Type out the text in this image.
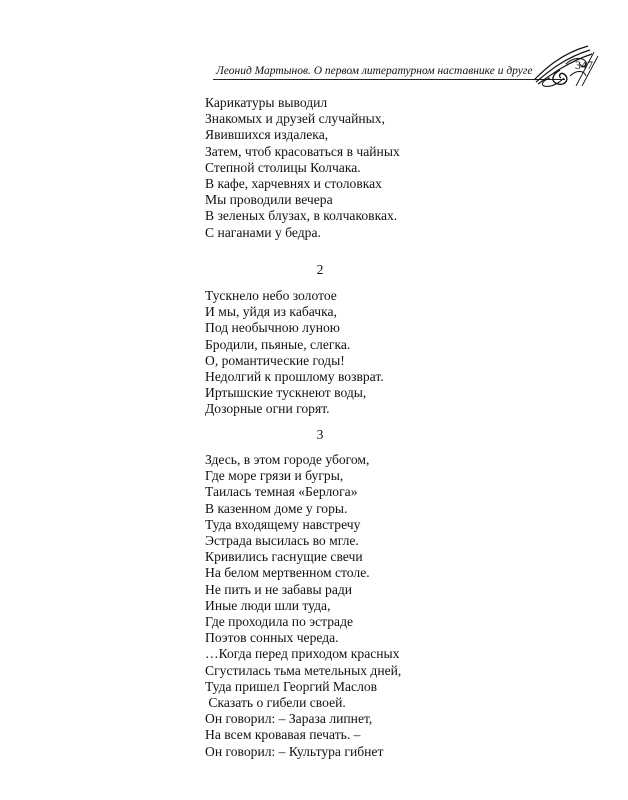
Леонид Мартынов. О первом литературном наставнике и друге	347
Карикатуры выводил
Знакомых и друзей случайных,
Явившихся издалека,
Затем, чтоб красоваться в чайных
Степной столицы Колчака.
В кафе, харчевнях и столовках
Мы проводили вечера
В зеленых блузах, в колчаковках.
С наганами у бедра.
2
Тускнело небо золотое
И мы, уйдя из кабачка,
Под необычною луною
Бродили, пьяные, слегка.
О, романтические годы!
Недолгий к прошлому возврат.
Иртышские тускнеют воды,
Дозорные огни горят.
3
Здесь, в этом городе убогом,
Где море грязи и бугры,
Таилась темная «Берлога»
В казенном доме у горы.
Туда входящему навстречу
Эстрада высилась во мгле.
Кривились гаснущие свечи
На белом мертвенном столе.
Не пить и не забавы ради
Иные люди шли туда,
Где проходила по эстраде
Поэтов сонных череда.
…Когда перед приходом красных
Сгустилась тьма метельных дней,
Туда пришел Георгий Маслов
Сказать о гибели своей.
Он говорил: – Зараза липнет,
На всем кровавая печать. –
Он говорил: – Культура гибнет
